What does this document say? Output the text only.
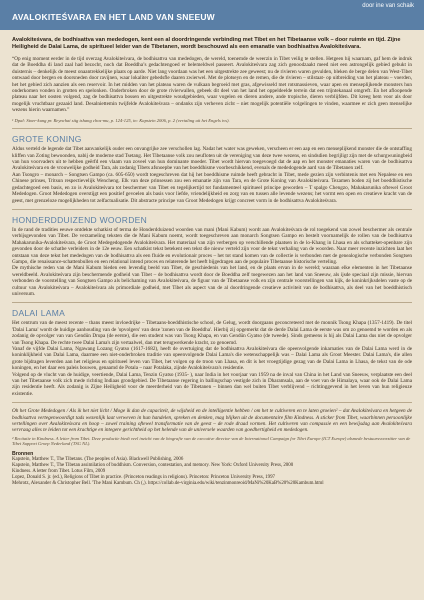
door ine van schaik
AVALOKITEŚVARA EN HET LAND VAN SNEEUW
Avalokiteśvara, de bodhisattva van mededogen, kent een al doordringende verbinding met Tibet en het Tibetaanse volk – door ruimte en tijd. Zijne Heiligheid de Dalai Lama, de spiritueel leider van de Tibetanen, wordt beschouwd als een emanatie van bodhisattva Avalokiteśvara.
“Op enig moment eerder in de tijd overzag Avalokiteśvara, de bodhisattva van mededogen, de wereld, toenemde de weerzin in Tibet veilig te stellen. Hetgeen hij waarnam, gaf hem de indruk dat de Boeddha di land zaal had bezocht, noch dat Boeddha’s gedachtengoed er belemeldwel passeert. Avalokiteśvara zag zich genoodzaakt meed niet een astrongelijk gebied gebukt in duisternis – denkelijk de meest onaantrekkelijke plaats op aarde. Niet lang voordaan was het een uitgestrekte zee geweest; nu de rivieren waren gevulden, bleken de berge delen van West-Tibet ontwaad door bergen en doorsneden door ravijnen, waar lokaliter gebedsfle daaren zwierwel. Met de plotseyn en de remen, die de rivieren – stilstaat- op uitbreiding van het plateau – voerden, het het gebied zich aanzien als een reservoir. In het midden van het plateau waren de vulkaan begroeid met gras, afgewisseld met rotsmassieven, waar apen en menseplijkende monsters hun onderkomen vonden in grotten en spelonken. Onderbroken door de grote rivierwallen, gebeek dit deel van het land het oppeldeelde terrein dat een trijntekanaal omgreft. En het afloopende plateau naar het oosten volgend, zag de bodhisattva bossen en uitgestrekte woudgebieden, waar vogelen en dieren andere, ande tropische, dieren verblijfden. Dit kreeg hem voor als door mogelijk vruchtbaar gezaaid land. Desalniettemin twijfelde Avalokiteśvara – ondanks zijn verheven zicht – niet mogelijk potentiële volgelingen te vinden, waarmee er zich geen menselijke wezens hierin waarnamen.”
¹ Dpal: Stoer-kung pr. Reynchai sitg tshang chos-mu, p. 124-125, in: Kapstein 2006, p. 2 (vertaling uit het Engels ivs).
GROTE KONING
Aldus verteld de legende dat Tibet aanvankelijk ouder een onvangrijke zee verschollen lag. Nadat het water was geweken, verscheen er een aap en een menseplijkend monster die de ontstaffing kliffen van Zoting bewoonden, nabij de moderne stad Tsetang. Het Tibetaanse volk zou neufloten uit de vereniging van deze twee wezens, en sindsdien begrijligt zijn met de schurgwuningbeid van hun voorvaders uit te hebben geërfd een vlaam van zoveel van hun dominante moeder. Tibet wordt hiervan toegevoegd dat de aap en het monster emanaties waren van de bodhisattva Avalokiteśvara en de vrouwelijke godheid Tara, als zodanig Tibets afsnoepbe van het boeddhisme voorbeschikkend, evenals de mededogende aard van de Tibetanen zelf.
Aan Tsongro – monarch – Songtsen Gampo (ca. 605-650) wordt toegeschreven dat hij het boeddhisme ruimde heeft gebracht in Tibet, mede gezien zijn verbintenis met een Nepalese en een Chinese prinses, Tritsun respectievelijk Wencheng. Elk van deze prinsessen zou een emanatie zijn van Tara, en de Grote Koning van Avalokiteśvara. Tezamen boden zij het boeddhistische gedachtegoed een basis, en zo is Avalokiteśvara tot beschermer van Tibet en tegelijkertijd tot fundamenteel spiritueel principe geworden – T spalgo Chengzo, Mahakarunika oftewel Groot Mededogen. Groot Mededogen overstijgt een positief gevoelen als basis voor liefde, vriendelijkheid en zorg van en tussen alle levende wezens; het vormt een open en creatieve kracht van de geest, met grenzeloze mogelijkheden tot zelfactualisatie. Dit abstracte principe van Groot Mededogen krijgt concreet vorm in de bodhisattva Avalokiteśvara.
HONDERDDUIZEND WOORDEN
In de rand de tradities eeuwe ontdekte schatkist of terma de Honderdduizend woorden van mani (Mani Kabum) wordt aan Avalokiteśvara de rol toegekend van zowel beschermer als centrale verbijsgevonden van Tibet. De verzameling teksten die de Mani Kabum noemt, wordt toegeschreven aan monarch Songtsen Gampo en bestelt voornamelijk de rollen van de bodhisattva Mahakarunika-Avalokiteśvara, de Groot Medegedogende Avalokiteśvara. Het materiaal van zijn verbergen op verschillende plaatsen in de lo-Khang in Lhasa en als schatteket-openbare zijn gevonden door de schatbe verleiders in de 12e eeuw. Een schatkist tekst betekent een tekst die nieuw verteld zijn voor de tekst verhaling van de woorden. Naar meer recente inzichten laat het ontstaan van deze tekst het mededogen van de bodhisattva als een fluide en evolutionair proces – het tot stand komen van de collectie is verbonden met de genealogische verbonden Songtsen Gampo, die renaissance-schattenbullen en een relational intend proces en relaterende het heeft bijgedragen aan de populaire Tibetaanse historische verteling.
De mythische reden van de Mani Kabum bieden een levendig beeld van Tibet, de geschiedenis van het land, en de plaats ervan in de wereld; waaraan elke elementen in het Tibetaanse wereldbeeld. Avalokiteśvara zijn beschermende godheid van Tibet – de bodhisattva wordt door de Boeddha zelf toegewezen aan het land van Sneeuw, als ijsde speciaal zijn missie, hiervan verbonden de voorstelling van Songtsen Gampo als belichaming van Avalokiteśvara, de figuur van de Tibetaanse volk en zijn centrale voorstellingen van kijk, de koninkrijksdelen vaste op de cultuur van Avalokiteśvara – Avalokiteśvara als primordiale godheid, met Tibet als aspect van de al doordringende creatieve activiteit van de bodhisattva, als deel van het boeddhistisch universum.
DALAI LAMA
Het centrum van de meest recente – thans meest invloedrijke – Tibetaans-boeddhistische school, de Gelug, wordt doorgaans geconcreteerd met de monnik Tsong Khapa (1357-1419). De titel 'Dalai Lama' wordt de huidige aanhouding van de 'opvolgers' van deze 'zonen van de Boeddha'. Hierbij zij opgemerkt dat de derde Dalai Lama de eerste was om zo genoemd te worden en als zodanig de opvolger van van Gendün Drupa (de eerste), die een student was van Tsong Khapa, en van Gendün Gyatso (de tweede). Sinds gemeens is hij als Dalai Lama dus niet de opvolger van Tsong Khapa. De rechte twee Dalai Lama's zijn vertaalwel, dan met terugwerkende kracht, zo genoemd.
Vanaf de vijfde Dalai Lama, Ngawang Lozang Gyatso (1617-1682), heeft de overtuiging dat de bodhisattva Avalokiteśvara die opeenvolgende inkarnaties van de Dalai Lama werd in de koninklijkheid van Dalai Lama, daarmee een niet-onderbroken traditie van opeenvolgende Dalai Lama's die wetenschappelijk was – Dalai Lama als Groot Meester. Dalai Lama's, die allen grote bijdragen leverden aan het religieus en spiritueel leven van Tibet, het volgen op de troon van Lhasa, en dit is het vroegtijdige gezag van de Dalai Lama in Lhasa, de tekst van de ode koningen, en het daar een paleis bouwen, genaamd de Potala – naar Potalaka, zijnde Avalokiteśvara's residentie.
Volgend op de vlucht van de huidige, veertiende, Dalai Lama, Tenzin Gyatso (1935- ), naar India in het voorjaar van 1959 na de inval van China in het Land van Sneeuw, verplaatste een deel van het Tibetaanse volk zich mede richting Indiaas grondgebied. De Tibetaanse regering in ballingschap vestigde zich in Dharamsala, aan de voet van de Himalaya, waar ook de Dalai Lama zijn residentie heeft. Als zodanig is Zijne Heiligheid voor de meerderheid van de Tibetanen – binnen dan wel buiten Tibet verblijvend – richtinggevend in het leven van hun religieuze existentie.
Oh het Grote Mededogen / Als ik het niet licht / Moge ik dan de capaciteit, de wijsheid en de intelligentie hebben / om het te cultiveren en te laten groeien² – dat Avalokiteśvara en hetgeen de bodhisattva vertegenwoordigt tads wezenlijk laat verweven in hun handelen, spreken en denken, mag blijken uit de documentaire film Kindness. A sticker from Tibet, waarbinnen persoonlijke vertellingen over Avalokiteśvara en hoop – zowel training oftewel transformatie van de geest – de rode draad vormen. Het cultiveren van compassie en een bewijsdag aan Avalokiteśvara vervraag alles te leiden tot een krachtige en integere gerichtheid op het helende van de universele waarden van goedhertigheid en mededogen.
² Recitatie in Kindness. A letter from Tibet. Deze productie biedt veel inzicht van de biografie van de executive director van de International Campaign for Tibet Europe (ICT Europe) alsmede bestuursvoorzitter van de Tibet Support Groep Nederland (TSG NL).
Bronnen
Kapstein, Matthew T., The Tibetans. (The peoples of Asia). Blackwell Publishing, 2006
Kapstein, Matthew T., The Tibetan assimilation of buddhism. Conversion, contestation, and memory. New York: Oxford University Press, 2000
Kindness. A letter from Tibet. Lotus Film, 2009
Lopez, Donald S. jr. (ed.), Religions of Tibet in practice. (Princeton readings in religions). Princeton: Princeton University Press, 1997
Mehrotz, Alexander & Christopher Bell. 'The Mani Kambum. Ch (,). https://collab.de-virginia.edu/wiki/tenzinmonreoid/MaNi%20KaB%20%20Kambum.html
